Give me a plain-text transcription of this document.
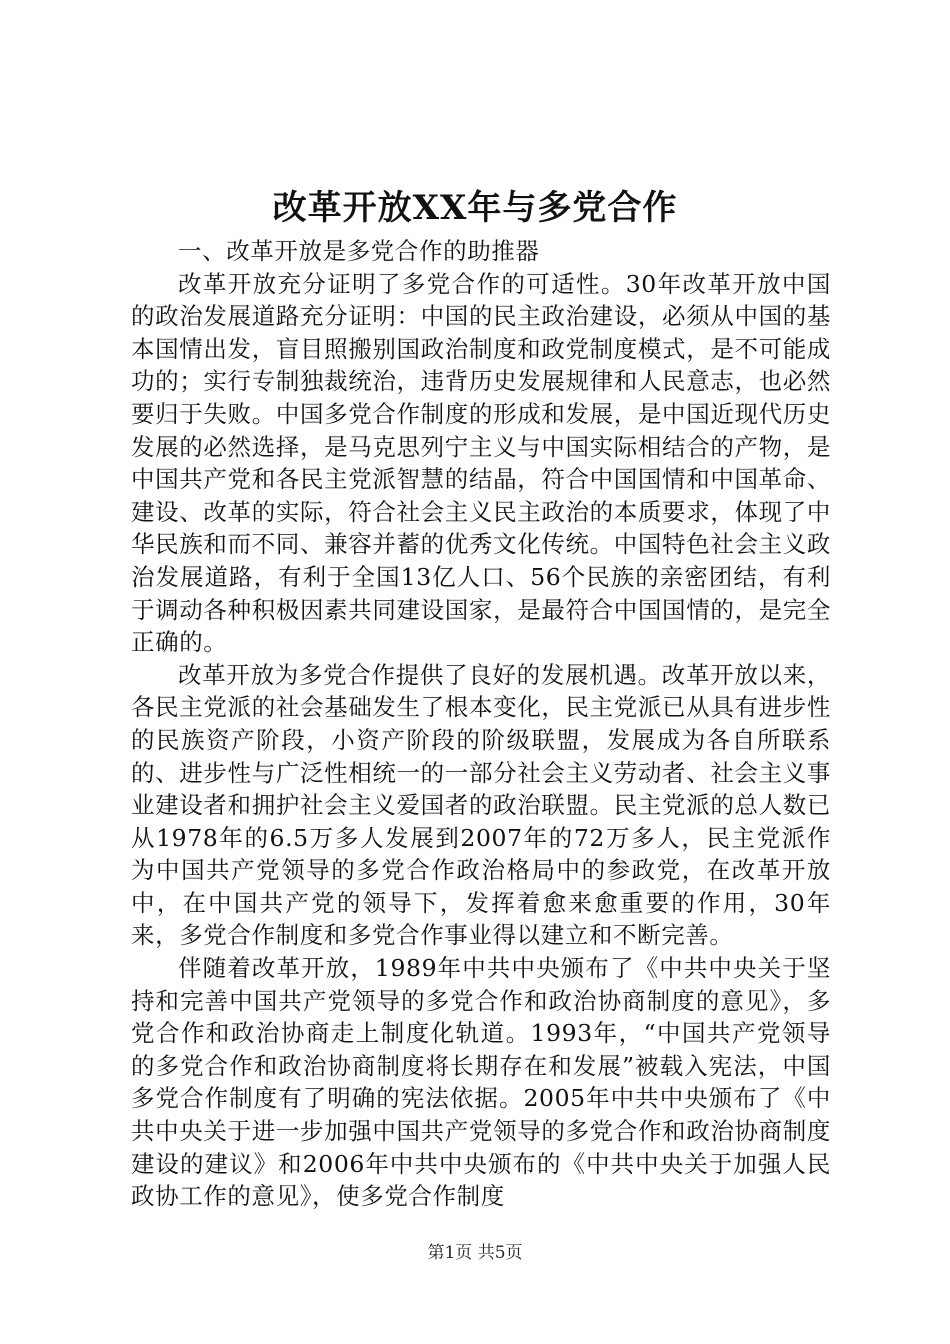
改革开放XX年与多党合作

一、改革开放是多党合作的助推器

改革开放充分证明了多党合作的可适性。30年改革开放中国的政治发展道路充分证明：中国的民主政治建设，必须从中国的基本国情出发，盲目照搬别国政治制度和政党制度模式，是不可能成功的；实行专制独裁统治，违背历史发展规律和人民意志，也必然要归于失败。中国多党合作制度的形成和发展，是中国近现代历史发展的必然选择，是马克思列宁主义与中国实际相结合的产物，是中国共产党和各民主党派智慧的结晶，符合中国国情和中国革命、建设、改革的实际，符合社会主义民主政治的本质要求，体现了中华民族和而不同、兼容并蓄的优秀文化传统。中国特色社会主义政治发展道路，有利于全国13亿人口、56个民族的亲密团结，有利于调动各种积极因素共同建设国家，是最符合中国国情的，是完全正确的。

改革开放为多党合作提供了良好的发展机遇。改革开放以来，各民主党派的社会基础发生了根本变化，民主党派已从具有进步性的民族资产阶段，小资产阶段的阶级联盟，发展成为各自所联系的、进步性与广泛性相统一的一部分社会主义劳动者、社会主义事业建设者和拥护社会主义爱国者的政治联盟。民主党派的总人数已从1978年的6.5万多人发展到2007年的72万多人，民主党派作为中国共产党领导的多党合作政治格局中的参政党，在改革开放中，在中国共产党的领导下，发挥着愈来愈重要的作用，30年来，多党合作制度和多党合作事业得以建立和不断完善。

伴随着改革开放，1989年中共中央颁布了《中共中央关于坚持和完善中国共产党领导的多党合作和政治协商制度的意见》，多党合作和政治协商走上制度化轨道。1993年，“中国共产党领导的多党合作和政治协商制度将长期存在和发展”被载入宪法，中国多党合作制度有了明确的宪法依据。2005年中共中央颁布了《中共中央关于进一步加强中国共产党领导的多党合作和政治协商制度建设的建议》和2006年中共中央颁布的《中共中央关于加强人民政协工作的意见》，使多党合作制度

第1页 共5页
